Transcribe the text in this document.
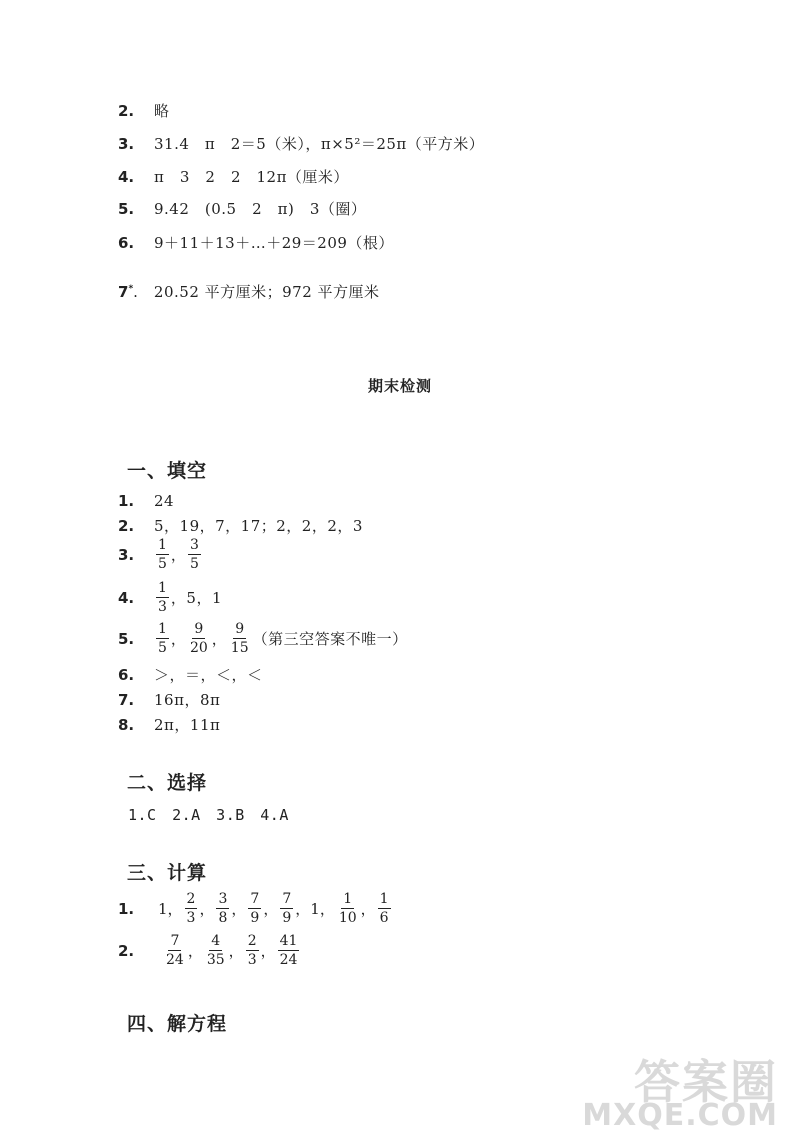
2.	略
3.	31.4　π　2＝5（米），π×5²＝25π（平方米）
4.	π　3　2　2　12π（厘米）
5.	9.42　(0.5　2　π)　3（圈）
6.	9＋11＋13＋…＋29＝209（根）
7* .　20.52 平方厘米；972 平方厘米
期末检测
一、填空
1.	24
2.	5，19，7，17；2，2，2，3
3.	$\frac{1}{5}$ ， $\frac{3}{5}$
4.	$\frac{1}{3}$ ，5，1
5.	$\frac{1}{5}$ ， $\frac{9}{20}$ ， $\frac{9}{15}$ （第三空答案不唯一）
6.	＞，＝，＜，＜
7.	16π，8π
8.	2π，11π
二、选择
1.C　2.A　3.B　4.A
三、计算
1.	1， $\frac{2}{3}$ ， $\frac{3}{8}$ ， $\frac{7}{9}$ ， $\frac{7}{9}$ ，1， $\frac{1}{10}$ ， $\frac{1}{6}$
2.	$\frac{7}{24}$ ， $\frac{4}{35}$ ， $\frac{2}{3}$ ， $\frac{41}{24}$
四、解方程
答案圈
MXQE.COM
